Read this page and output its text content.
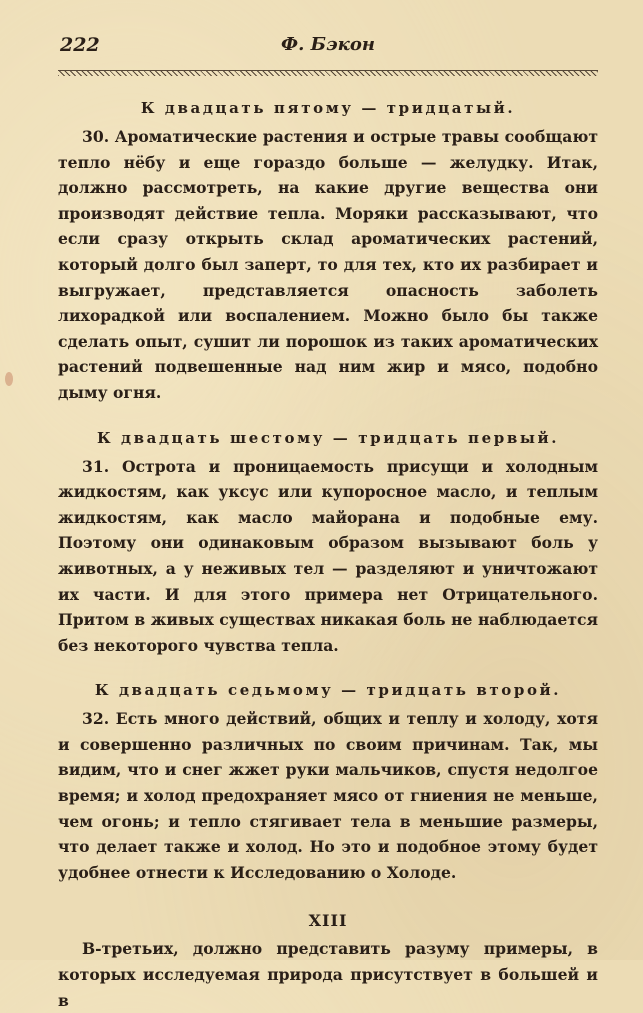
222	Ф. Бэкон
К двадцать пятому — тридцатый.
30. Ароматические растения и острые травы сообщают тепло нёбу и еще гораздо больше — желудку. Итак, должно рассмотреть, на какие другие вещества они производят действие тепла. Моряки рассказывают, что если сразу открыть склад ароматических растений, который долго был заперт, то для тех, кто их разбирает и выгружает, представляется опасность заболеть лихорадкой или воспалением. Можно было бы также сделать опыт, сушит ли порошок из таких ароматических растений подвешенные над ним жир и мясо, подобно дыму огня.
К двадцать шестому — тридцать первый.
31. Острота и проницаемость присущи и холодным жидкостям, как уксус или купоросное масло, и теплым жидкостям, как масло майорана и подобные ему. Поэтому они одинаковым образом вызывают боль у животных, а у неживых тел — разделяют и уничтожают их части. И для этого примера нет Отрицательного. Притом в живых существах никакая боль не наблюдается без некоторого чувства тепла.
К двадцать седьмому — тридцать второй.
32. Есть много действий, общих и теплу и холоду, хотя и совершенно различных по своим причинам. Так, мы видим, что и снег жжет руки мальчиков, спустя недолгое время; и холод предохраняет мясо от гниения не меньше, чем огонь; и тепло стягивает тела в меньшие размеры, что делает также и холод. Но это и подобное этому будет удобнее отнести к Исследованию о Холоде.
XIII
В-третьих, должно представить разуму примеры, в которых исследуемая природа присутствует в большей и в
